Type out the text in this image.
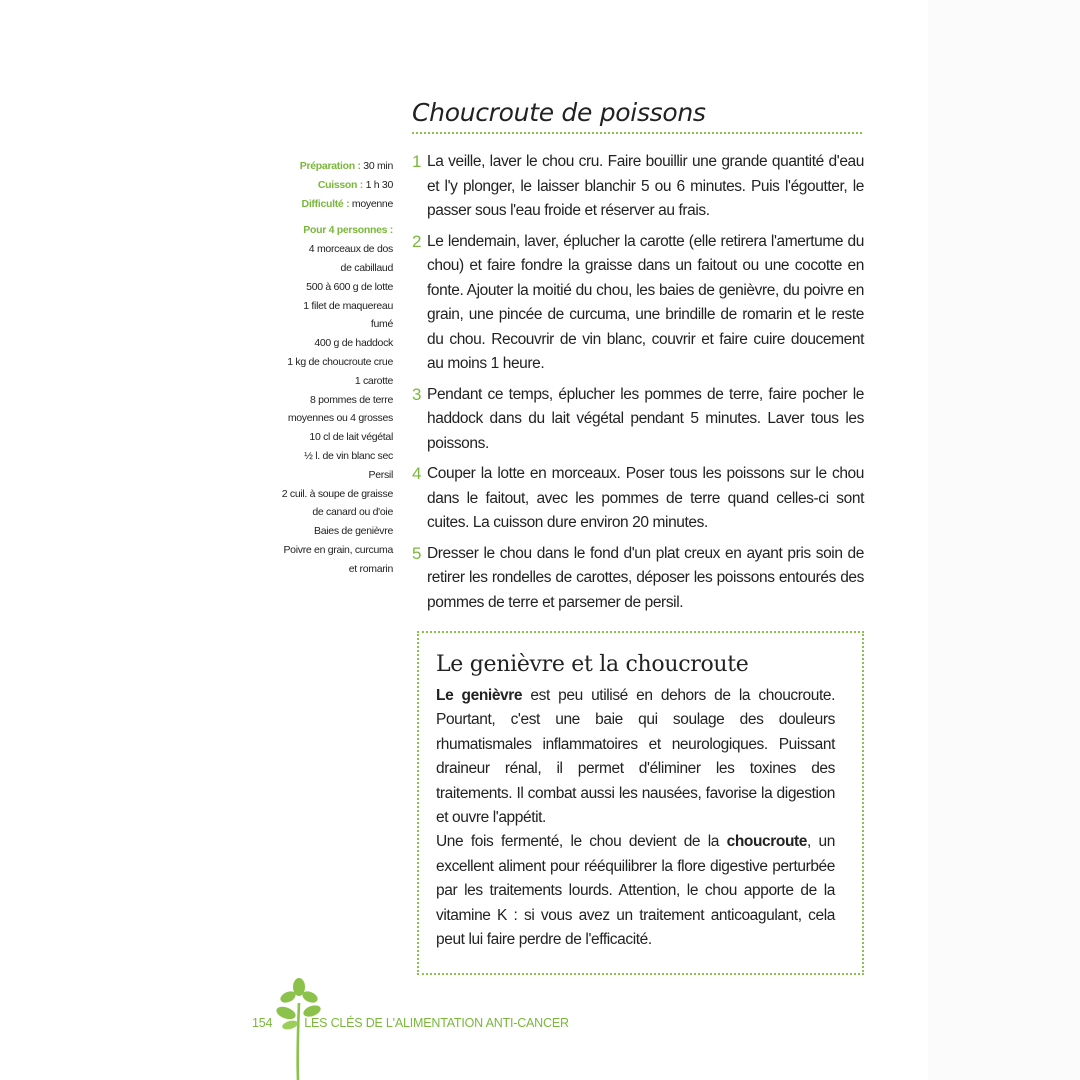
Choucroute de poissons
Préparation : 30 min
Cuisson : 1 h 30
Difficulté : moyenne
Pour 4 personnes :
4 morceaux de dos
de cabillaud
500 à 600 g de lotte
1 filet de maquereau
fumé
400 g de haddock
1 kg de choucroute crue
1 carotte
8 pommes de terre
moyennes ou 4 grosses
10 cl de lait végétal
½ l. de vin blanc sec
Persil
2 cuil. à soupe de graisse
de canard ou d'oie
Baies de genièvre
Poivre en grain, curcuma
et romarin
1 La veille, laver le chou cru. Faire bouillir une grande quantité d'eau et l'y plonger, le laisser blanchir 5 ou 6 minutes. Puis l'égoutter, le passer sous l'eau froide et réserver au frais.
2 Le lendemain, laver, éplucher la carotte (elle retirera l'amertume du chou) et faire fondre la graisse dans un faitout ou une cocotte en fonte. Ajouter la moitié du chou, les baies de genièvre, du poivre en grain, une pincée de curcuma, une brindille de romarin et le reste du chou. Recouvrir de vin blanc, couvrir et faire cuire doucement au moins 1 heure.
3 Pendant ce temps, éplucher les pommes de terre, faire pocher le haddock dans du lait végétal pendant 5 minutes. Laver tous les poissons.
4 Couper la lotte en morceaux. Poser tous les poissons sur le chou dans le faitout, avec les pommes de terre quand celles-ci sont cuites. La cuisson dure environ 20 minutes.
5 Dresser le chou dans le fond d'un plat creux en ayant pris soin de retirer les rondelles de carottes, déposer les poissons entourés des pommes de terre et parsemer de persil.
Le genièvre et la choucroute

Le genièvre est peu utilisé en dehors de la choucroute. Pourtant, c'est une baie qui soulage des douleurs rhumatismales inflammatoires et neurologiques. Puissant draineur rénal, il permet d'éliminer les toxines des traitements. Il combat aussi les nausées, favorise la digestion et ouvre l'appétit.

Une fois fermenté, le chou devient de la choucroute, un excellent aliment pour rééquilibrer la flore digestive perturbée par les traitements lourds. Attention, le chou apporte de la vitamine K : si vous avez un traitement anticoagulant, cela peut lui faire perdre de l'efficacité.

154	LES CLÉS DE L'ALIMENTATION ANTI-CANCER
